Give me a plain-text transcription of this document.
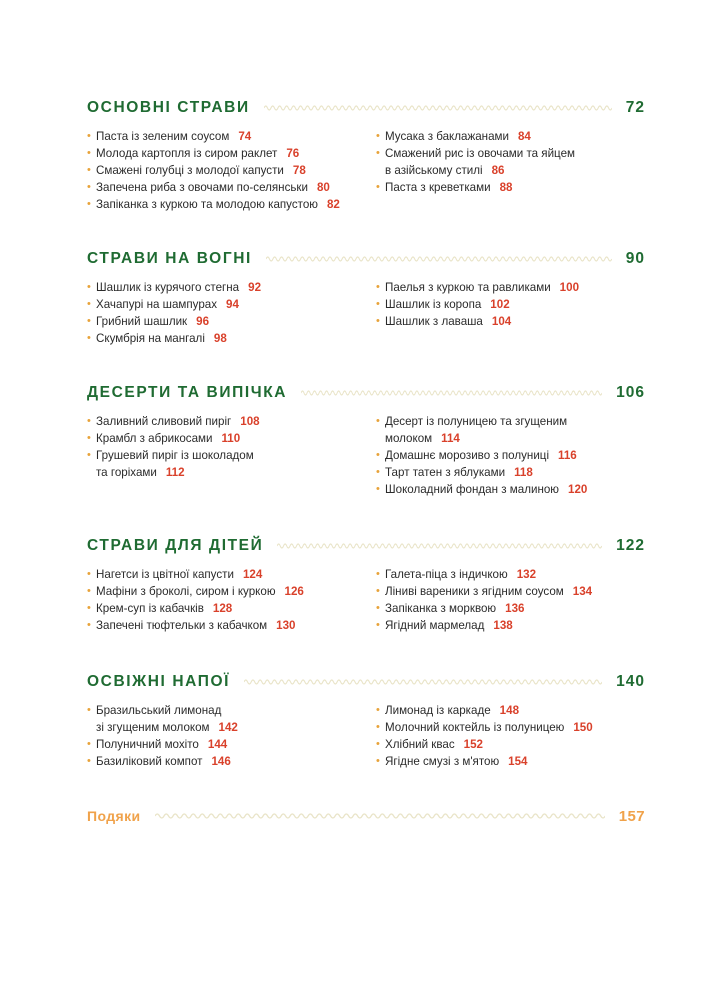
ОСНОВНІ СТРАВИ	72
• Паста із зеленим соусом 74
• Молода картопля із сиром раклет 76
• Смажені голубці з молодої капусти 78
• Запечена риба з овочами по-селянськи 80
• Запіканка з куркою та молодою капустою 82
• Мусака з баклажанами 84
• Смажений рис із овочами та яйцем
в азійському стилі 86
• Паста з креветками 88
СТРАВИ НА ВОГНІ	90
• Шашлик із курячого стегна 92
• Хачапурі на шампурах 94
• Грибний шашлик 96
• Скумбрія на мангалі 98
• Паелья з куркою та равликами 100
• Шашлик із коропа 102
• Шашлик з лаваша 104
ДЕСЕРТИ ТА ВИПІЧКА	106
• Заливний сливовий пиріг 108
• Крамбл з абрикосами 110
• Грушевий пиріг із шоколадом
та горіхами 112
• Десерт із полуницею та згущеним
молоком 114
• Домашнє морозиво з полуниці 116
• Тарт татен з яблуками 118
• Шоколадний фондан з малиною 120
СТРАВИ ДЛЯ ДІТЕЙ	122
• Нагетси із цвітної капусти 124
• Мафіни з броколі, сиром і куркою 126
• Крем-суп із кабачків 128
• Запечені тюфтельки з кабачком 130
• Галета-піца з індичкою 132
• Ліниві вареники з ягідним соусом 134
• Запіканка з морквою 136
• Ягідний мармелад 138
ОСВІЖНІ НАПОЇ	140
• Бразильський лимонад
зі згущеним молоком 142
• Полуничний мохіто 144
• Базиліковий компот 146
• Лимонад із каркаде 148
• Молочний коктейль із полуницею 150
• Хлібний квас 152
• Ягідне смузі з м'ятою 154
Подяки	157
